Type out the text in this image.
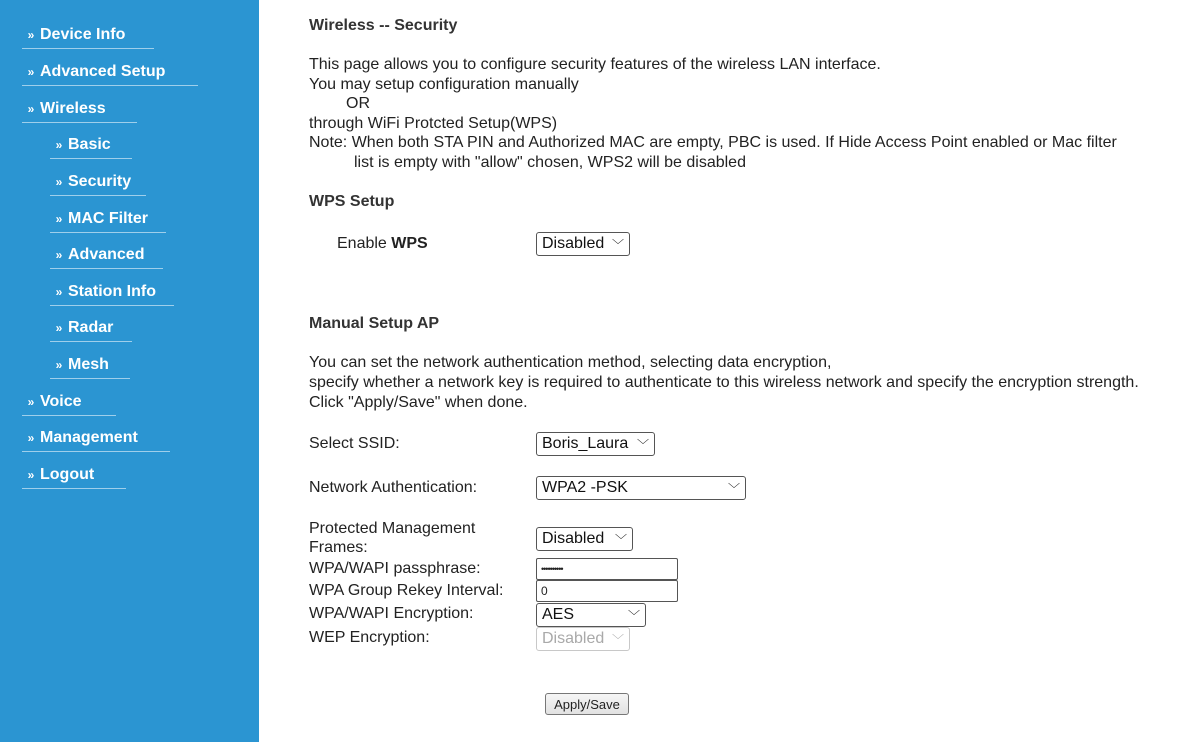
» Device Info
» Advanced Setup
» Wireless
» Basic
» Security
» MAC Filter
» Advanced
» Station Info
» Radar
» Mesh
» Voice
» Management
» Logout
Wireless -- Security
This page allows you to configure security features of the wireless LAN interface.
You may setup configuration manually
OR
through WiFi Protcted Setup(WPS)
Note: When both STA PIN and Authorized MAC are empty, PBC is used. If Hide Access Point enabled or Mac filter
list is empty with "allow" chosen, WPS2 will be disabled
WPS Setup
Enable WPS	Disabled ﹀
Manual Setup AP
You can set the network authentication method, selecting data encryption,
specify whether a network key is required to authenticate to this wireless network and specify the encryption strength.
Click "Apply/Save" when done.
Select SSID:	Boris_Laura ﹀
Network Authentication:	WPA2 -PSK	﹀
Protected Management
Frames:
Disabled ﹀
WPA/WAPI passphrase:	••••••••••
WPA Group Rekey Interval:	0
WPA/WAPI Encryption:	AES	﹀
WEP Encryption:	Disabled ﹀
Apply/Save
